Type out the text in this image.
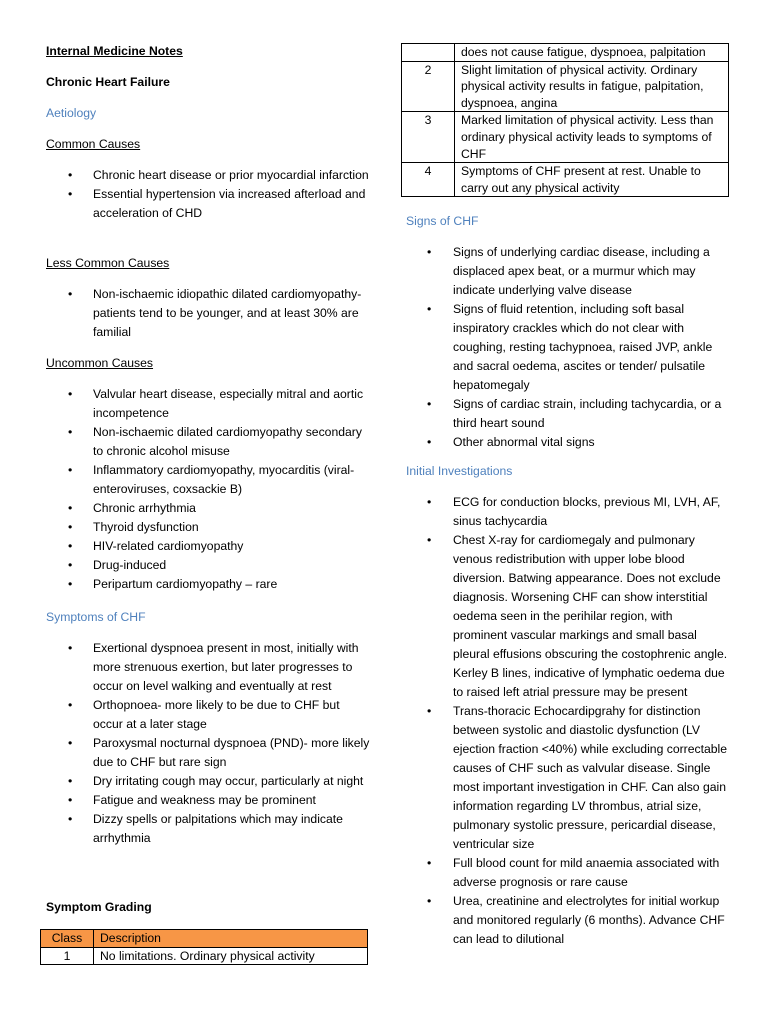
Internal Medicine Notes
Chronic Heart Failure
Aetiology
Common Causes
• Chronic heart disease or prior myocardial infarction
• Essential hypertension via increased afterload and acceleration of CHD
Less Common Causes
• Non-ischaemic idiopathic dilated cardiomyopathy- patients tend to be younger, and at least 30% are familial
Uncommon Causes
• Valvular heart disease, especially mitral and aortic incompetence
• Non-ischaemic dilated cardiomyopathy secondary to chronic alcohol misuse
• Inflammatory cardiomyopathy, myocarditis (viral- enteroviruses, coxsackie B)
• Chronic arrhythmia
• Thyroid dysfunction
• HIV-related cardiomyopathy
• Drug-induced
• Peripartum cardiomyopathy – rare
Symptoms of CHF
• Exertional dyspnoea present in most, initially with more strenuous exertion, but later progresses to occur on level walking and eventually at rest
• Orthopnoea- more likely to be due to CHF but occur at a later stage
• Paroxysmal nocturnal dyspnoea (PND)- more likely due to CHF but rare sign
• Dry irritating cough may occur, particularly at night
• Fatigue and weakness may be prominent
• Dizzy spells or palpitations which may indicate arrhythmia
Symptom Grading
Class	Description
1	No limitations. Ordinary physical activity
	does not cause fatigue, dyspnoea, palpitation
2	Slight limitation of physical activity. Ordinary physical activity results in fatigue, palpitation, dyspnoea, angina
3	Marked limitation of physical activity. Less than ordinary physical activity leads to symptoms of CHF
4	Symptoms of CHF present at rest. Unable to carry out any physical activity
Signs of CHF
• Signs of underlying cardiac disease, including a displaced apex beat, or a murmur which may indicate underlying valve disease
• Signs of fluid retention, including soft basal inspiratory crackles which do not clear with coughing, resting tachypnoea, raised JVP, ankle and sacral oedema, ascites or tender/ pulsatile hepatomegaly
• Signs of cardiac strain, including tachycardia, or a third heart sound
• Other abnormal vital signs
Initial Investigations
• ECG for conduction blocks, previous MI, LVH, AF, sinus tachycardia
• Chest X-ray for cardiomegaly and pulmonary venous redistribution with upper lobe blood diversion. Batwing appearance. Does not exclude diagnosis. Worsening CHF can show interstitial oedema seen in the perihilar region, with prominent vascular markings and small basal pleural effusions obscuring the costophrenic angle. Kerley B lines, indicative of lymphatic oedema due to raised left atrial pressure may be present
• Trans-thoracic Echocardipgrahy for distinction between systolic and diastolic dysfunction (LV ejection fraction <40%) while excluding correctable causes of CHF such as valvular disease. Single most important investigation in CHF. Can also gain information regarding LV thrombus, atrial size, pulmonary systolic pressure, pericardial disease, ventricular size
• Full blood count for mild anaemia associated with adverse prognosis or rare cause
• Urea, creatinine and electrolytes for initial workup and monitored regularly (6 months). Advance CHF can lead to dilutional
